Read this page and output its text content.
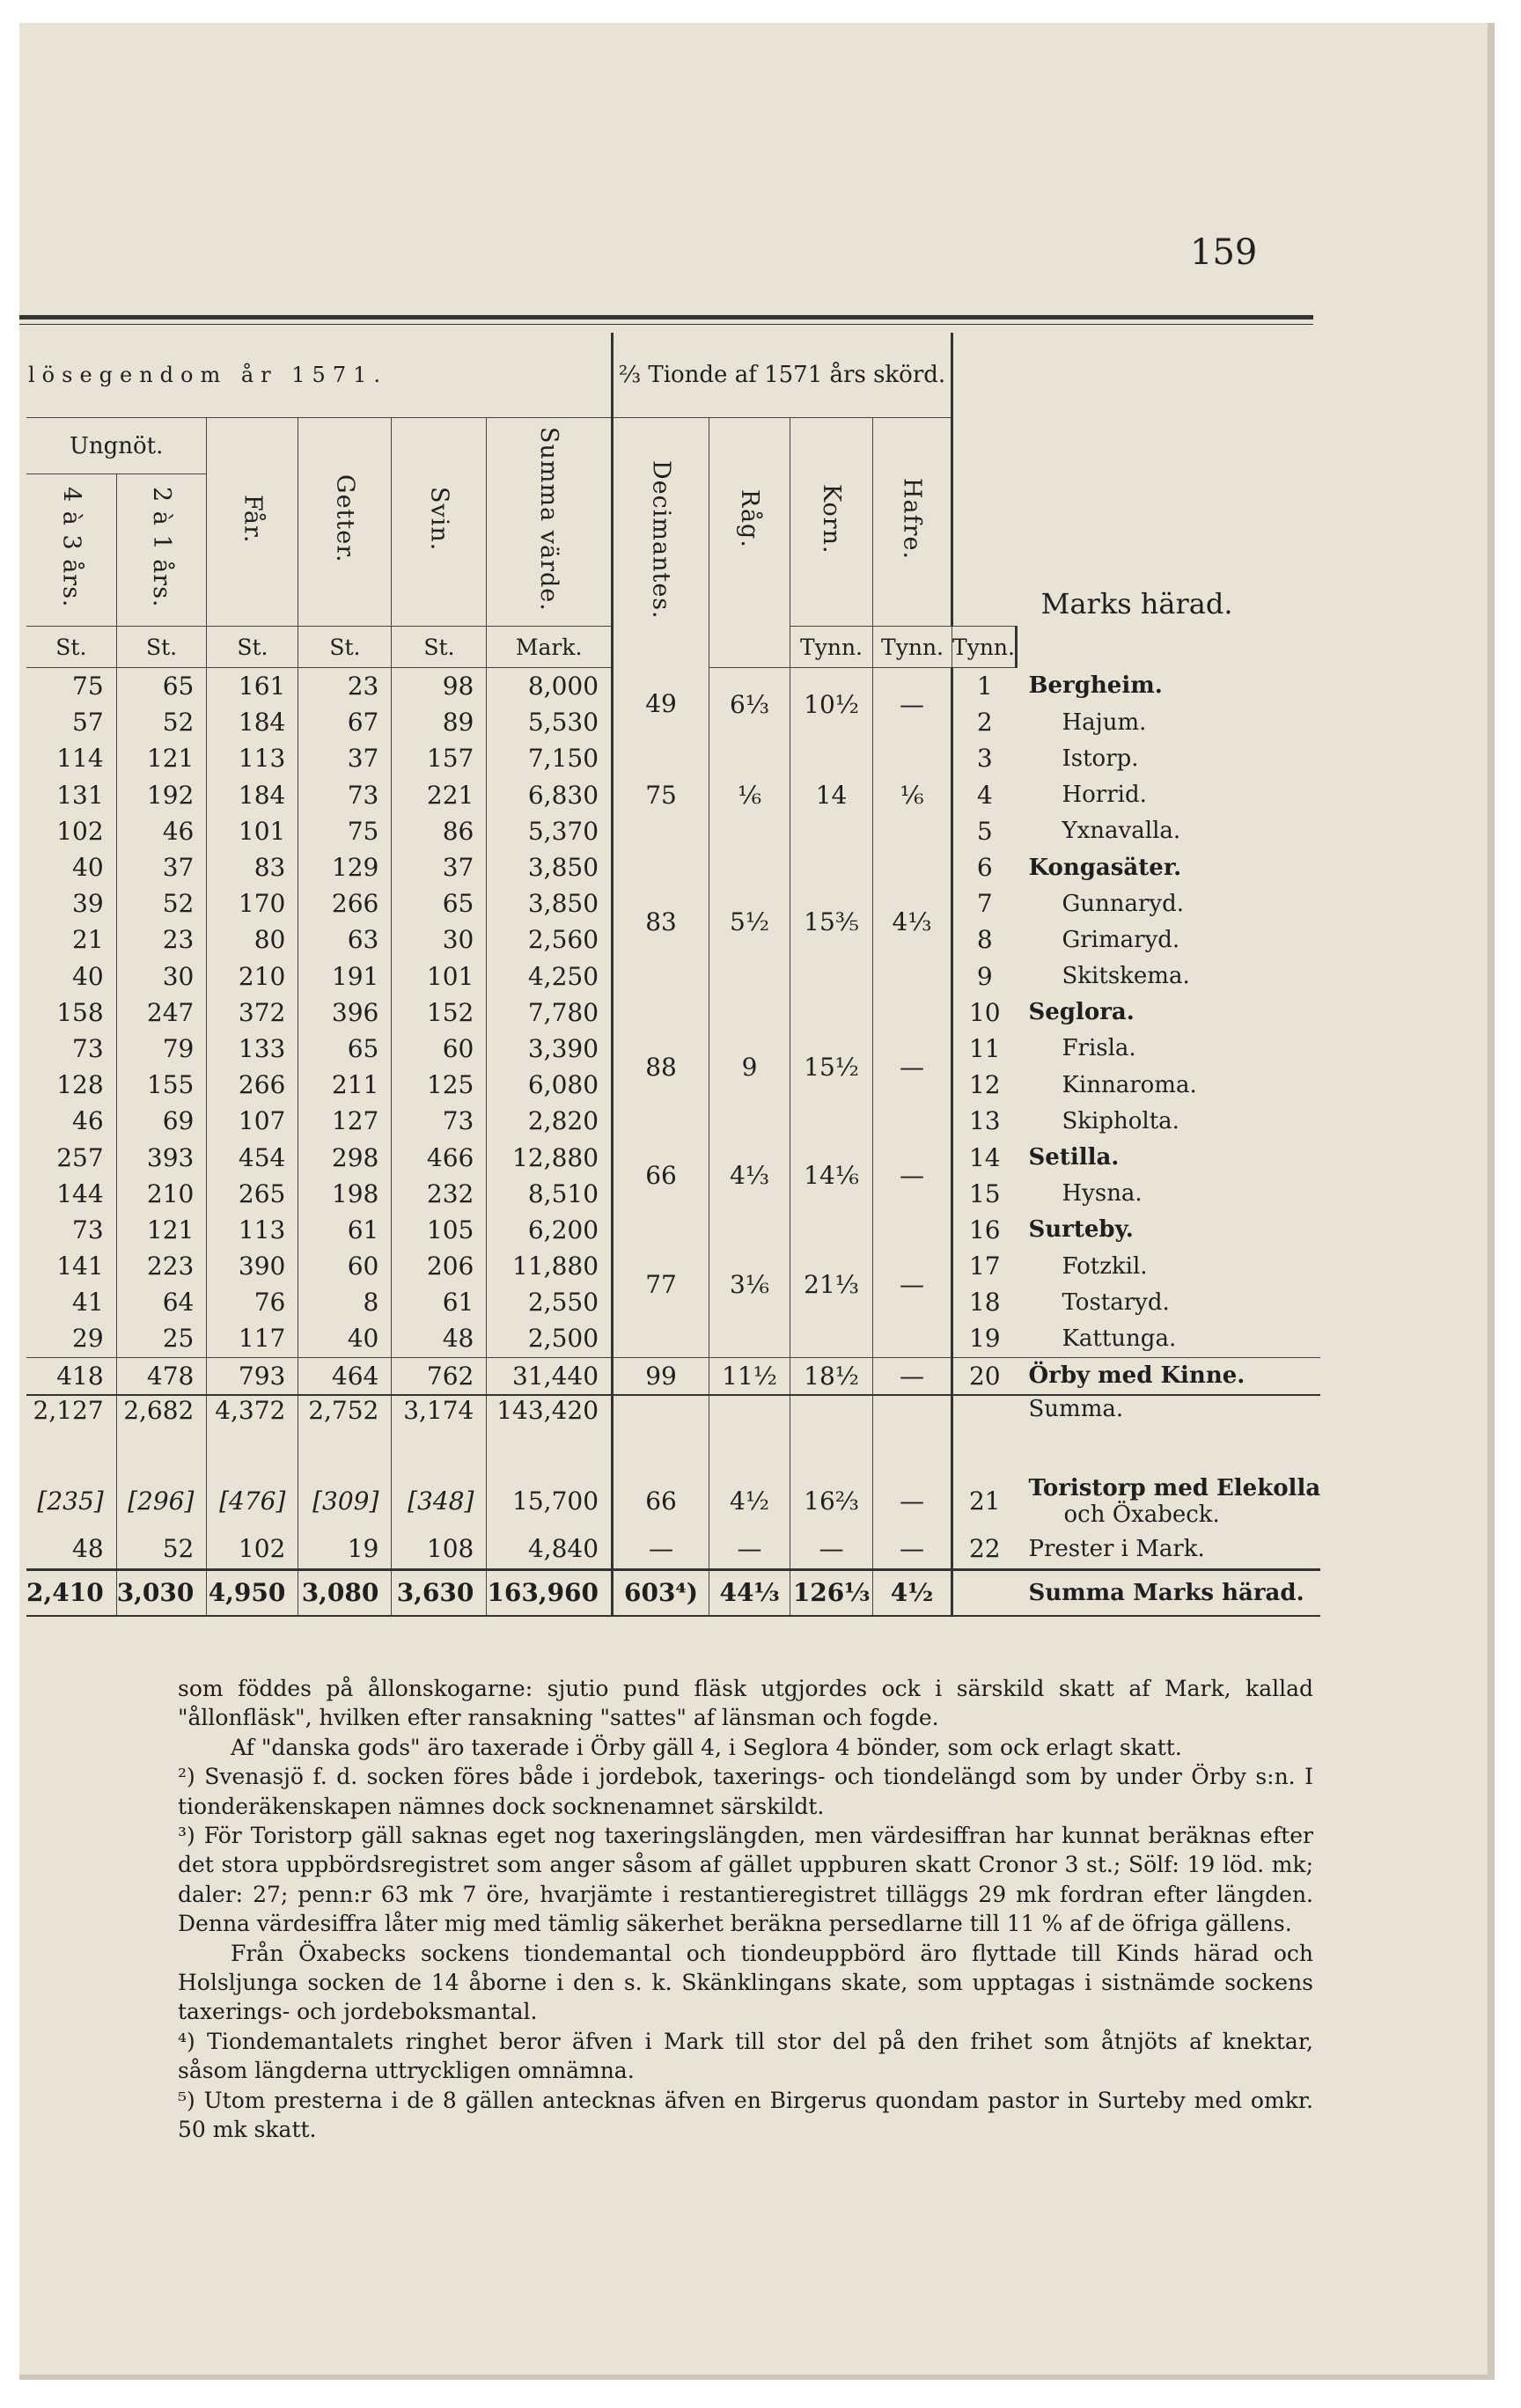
159
lösegendom år 1571.						⅔ Tionde af 1571 års skörd.				Marks härad.	
Ungnöt.		Får.	Getter.	Svin.	Summa värde.	Decimantes.	Råg.	Korn.	Hafre.		
4 à 3 års.	2 à 1 års.										
St.	St.	St.	St.	St.	Mark.			Tynn.	Tynn.	Tynn.	
75	65	161	23	98	8,000	49	6⅓	10½	—	1	Bergheim.
57	52	184	67	89	5,530					2	Hajum.
114	121	113	37	157	7,150	75	⅙	14	⅙	3	Istorp.
131	192	184	73	221	6,830					4	Horrid.
102	46	101	75	86	5,370					5	Yxnavalla.
40	37	83	129	37	3,850	83	5½	15⅗	4⅓	6	Kongasäter.
39	52	170	266	65	3,850					7	Gunnaryd.
21	23	80	63	30	2,560					8	Grimaryd.
40	30	210	191	101	4,250					9	Skitskema.
158	247	372	396	152	7,780	88	9	15½	—	10	Seglora.
73	79	133	65	60	3,390					11	Frisla.
128	155	266	211	125	6,080					12	Kinnaroma.
46	69	107	127	73	2,820					13	Skipholta.
257	393	454	298	466	12,880	66	4⅓	14⅙	—	14	Setilla.
144	210	265	198	232	8,510					15	Hysna.
73	121	113	61	105	6,200	77	3⅙	21⅓	—	16	Surteby.
141	223	390	60	206	11,880					17	Fotzkil.
41	64	76	8	61	2,550					18	Tostaryd.
29	25	117	40	48	2,500					19	Kattunga.
418	478	793	464	762	31,440	99	11½	18½	—	20	Örby med Kinne.
2,127	2,682	4,372	2,752	3,174	143,420						Summa.

[235]	[296]	[476]	[309]	[348]	15,700	66	4½	16⅔	—	21	Toristorp med Elekolla
och Öxabeck.

48	52	102	19	108	4,840	—	—	—	—	22	Prester i Mark.
2,410	3,030	4,950	3,080	3,630	163,960	603⁴)	44⅓	126⅓	4½		Summa Marks härad.

som föddes på ållonskogarne: sjutio pund fläsk utgjordes ock i särskild skatt af Mark, kallad "ållonfläsk", hvilken efter ransakning "sattes" af länsman och fogde.

Af "danska gods" äro taxerade i Örby gäll 4, i Seglora 4 bönder, som ock erlagt skatt.

²) Svenasjö f. d. socken föres både i jordebok, taxerings- och tiondelängd som by under Örby s:n. I tionderäkenskapen nämnes dock socknenamnet särskildt.

³) För Toristorp gäll saknas eget nog taxeringslängden, men värdesiffran har kunnat beräknas efter det stora uppbördsregistret som anger såsom af gället uppburen skatt Cronor 3 st.; Sölf: 19 löd. mk; daler: 27; penn:r 63 mk 7 öre, hvarjämte i restantieregistret tilläggs 29 mk fordran efter längden. Denna värdesiffra låter mig med tämlig säkerhet beräkna persedlarne till 11 % af de öfriga gällens.

Från Öxabecks sockens tiondemantal och tiondeuppbörd äro flyttade till Kinds härad och Holsljunga socken de 14 åborne i den s. k. Skänklingans skate, som upptagas i sistnämde sockens taxerings- och jordeboksmantal.

⁴) Tiondemantalets ringhet beror äfven i Mark till stor del på den frihet som åtnjöts af knektar, såsom längderna uttryckligen omnämna.

⁵) Utom presterna i de 8 gällen antecknas äfven en Birgerus quondam pastor in Surteby med omkr. 50 mk skatt.
